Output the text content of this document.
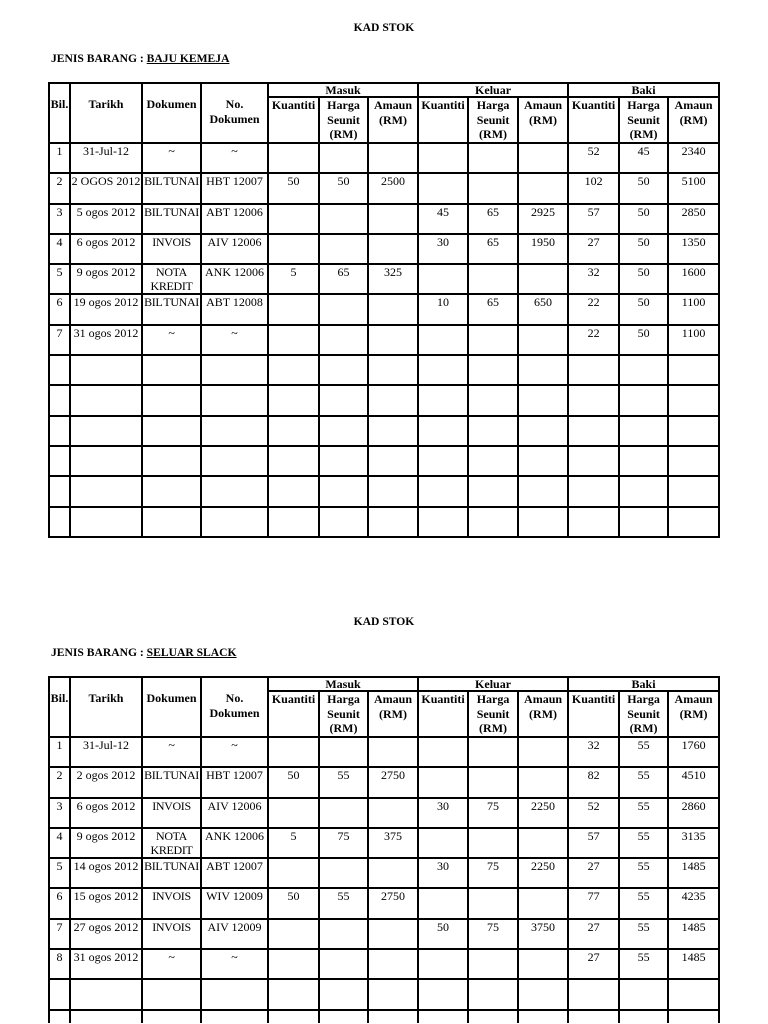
KAD STOK
JENIS BARANG : BAJU KEMEJA
Bil.	Tarikh	Dokumen	No. Dokumen	Masuk			Keluar			Baki		
				Kuantiti	Harga Seunit (RM)	Amaun (RM)	Kuantiti	Harga Seunit (RM)	Amaun (RM)	Kuantiti	Harga Seunit (RM)	Amaun (RM)
1	31-Jul-12	~	~							52	45	2340
2	2 OGOS 2012	BIL TUNAI	HBT 12007	50	50	2500				102	50	5100
3	5 ogos 2012	BIL TUNAI	ABT 12006				45	65	2925	57	50	2850
4	6 ogos 2012	INVOIS	AIV 12006				30	65	1950	27	50	1350
5	9 ogos 2012	NOTA KREDIT	ANK 12006	5	65	325				32	50	1600
6	19 ogos 2012	BIL TUNAI	ABT 12008				10	65	650	22	50	1100
7	31 ogos 2012	~	~							22	50	1100

KAD STOK
JENIS BARANG : SELUAR SLACK
Bil.	Tarikh	Dokumen	No. Dokumen	Masuk			Keluar			Baki		
				Kuantiti	Harga Seunit (RM)	Amaun (RM)	Kuantiti	Harga Seunit (RM)	Amaun (RM)	Kuantiti	Harga Seunit (RM)	Amaun (RM)
1	31-Jul-12	~	~							32	55	1760
2	2 ogos 2012	BIL TUNAI	HBT 12007	50	55	2750				82	55	4510
3	6 ogos 2012	INVOIS	AIV 12006				30	75	2250	52	55	2860
4	9 ogos 2012	NOTA KREDIT	ANK 12006	5	75	375				57	55	3135
5	14 ogos 2012	BIL TUNAI	ABT 12007				30	75	2250	27	55	1485
6	15 ogos 2012	INVOIS	WIV 12009	50	55	2750				77	55	4235
7	27 ogos 2012	INVOIS	AIV 12009				50	75	3750	27	55	1485
8	31 ogos 2012	~	~							27	55	1485
